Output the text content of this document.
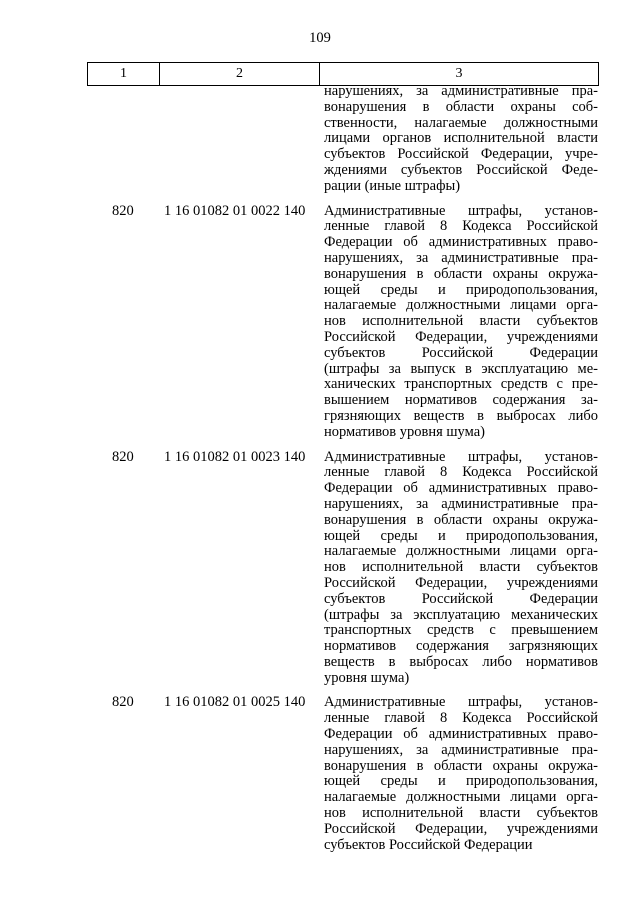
109
1	2	3
нарушениях, за административные пра-
вонарушения в области охраны соб-
ственности, налагаемые должностными
лицами органов исполнительной власти
субъектов Российской Федерации, учре-
ждениями субъектов Российской Феде-
рации (иные штрафы)
820 1 16 01082 01 0022 140 Административные штрафы, установ-
ленные главой 8 Кодекса Российской
Федерации об административных право-
нарушениях, за административные пра-
вонарушения в области охраны окружа-
ющей среды и природопользования,
налагаемые должностными лицами орга-
нов исполнительной власти субъектов
Российской Федерации, учреждениями
субъектов Российской Федерации
(штрафы за выпуск в эксплуатацию ме-
ханических транспортных средств с пре-
вышением нормативов содержания за-
грязняющих веществ в выбросах либо
нормативов уровня шума)
820 1 16 01082 01 0023 140 Административные штрафы, установ-
ленные главой 8 Кодекса Российской
Федерации об административных право-
нарушениях, за административные пра-
вонарушения в области охраны окружа-
ющей среды и природопользования,
налагаемые должностными лицами орга-
нов исполнительной власти субъектов
Российской Федерации, учреждениями
субъектов Российской Федерации
(штрафы за эксплуатацию механических
транспортных средств с превышением
нормативов содержания загрязняющих
веществ в выбросах либо нормативов
уровня шума)
820 1 16 01082 01 0025 140 Административные штрафы, установ-
ленные главой 8 Кодекса Российской
Федерации об административных право-
нарушениях, за административные пра-
вонарушения в области охраны окружа-
ющей среды и природопользования,
налагаемые должностными лицами орга-
нов исполнительной власти субъектов
Российской Федерации, учреждениями
субъектов Российской Федерации
